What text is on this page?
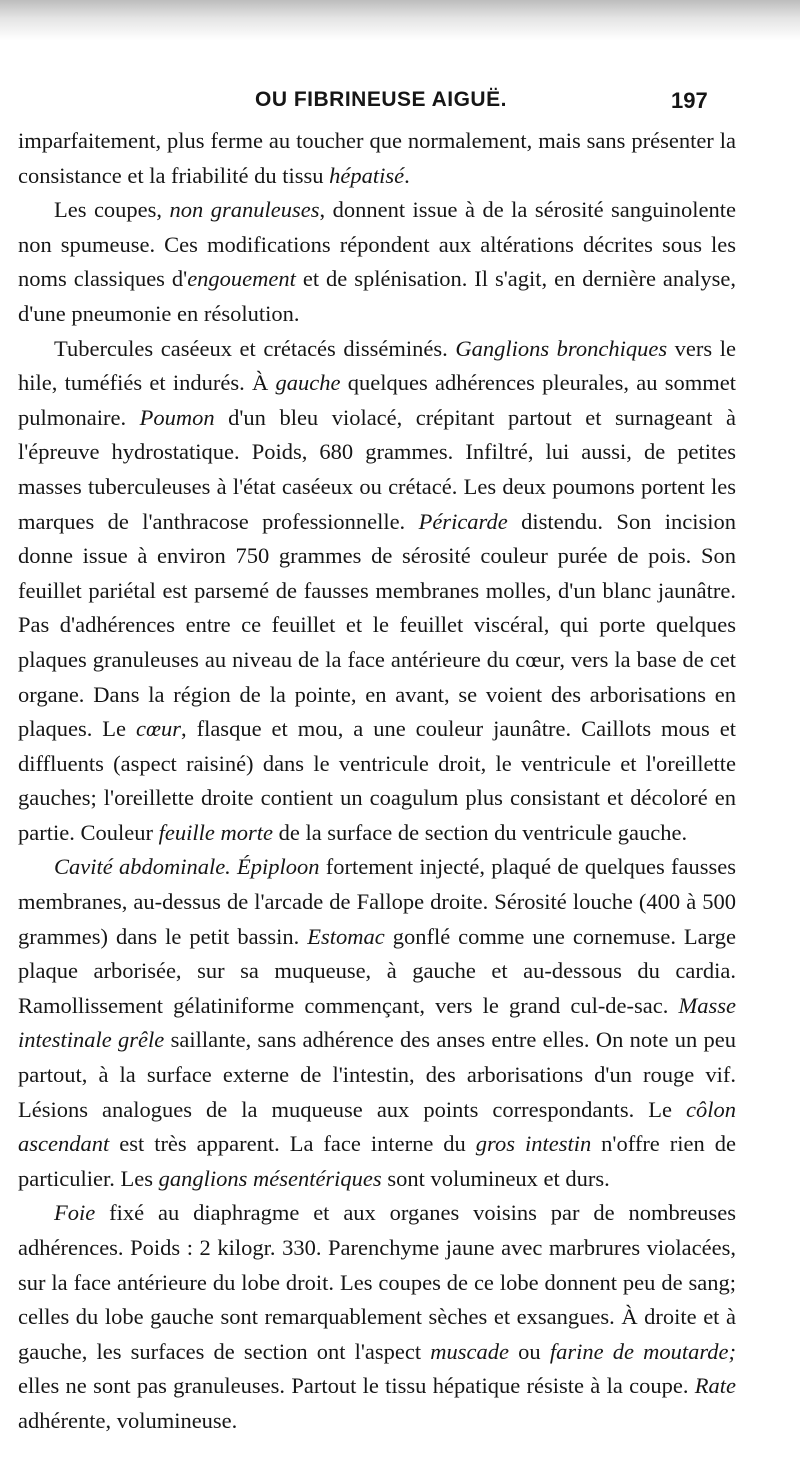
OU FIBRINEUSE AIGUË.	197

imparfaitement, plus ferme au toucher que normalement, mais sans présenter la consistance et la friabilité du tissu hépatisé.

Les coupes, non granuleuses, donnent issue à de la sérosité sanguinolente non spumeuse. Ces modifications répondent aux altérations décrites sous les noms classiques d'engouement et de splénisation. Il s'agit, en dernière analyse, d'une pneumonie en résolution.

Tubercules caséeux et crétacés disséminés. Ganglions bronchiques vers le hile, tuméfiés et indurés. À gauche quelques adhérences pleurales, au sommet pulmonaire. Poumon d'un bleu violacé, crépitant partout et surnageant à l'épreuve hydrostatique. Poids, 680 grammes. Infiltré, lui aussi, de petites masses tuberculeuses à l'état caséeux ou crétacé. Les deux poumons portent les marques de l'anthracose professionnelle. Péricarde distendu. Son incision donne issue à environ 750 grammes de sérosité couleur purée de pois. Son feuillet pariétal est parsemé de fausses membranes molles, d'un blanc jaunâtre. Pas d'adhérences entre ce feuillet et le feuillet viscéral, qui porte quelques plaques granuleuses au niveau de la face antérieure du cœur, vers la base de cet organe. Dans la région de la pointe, en avant, se voient des arborisations en plaques. Le cœur, flasque et mou, a une couleur jaunâtre. Caillots mous et diffluents (aspect raisiné) dans le ventricule droit, le ventricule et l'oreillette gauches; l'oreillette droite contient un coagulum plus consistant et décoloré en partie. Couleur feuille morte de la surface de section du ventricule gauche.

Cavité abdominale. Épiploon fortement injecté, plaqué de quelques fausses membranes, au-dessus de l'arcade de Fallope droite. Sérosité louche (400 à 500 grammes) dans le petit bassin. Estomac gonflé comme une cornemuse. Large plaque arborisée, sur sa muqueuse, à gauche et au-dessous du cardia. Ramollissement gélatiniforme commençant, vers le grand cul-de-sac. Masse intestinale grêle saillante, sans adhérence des anses entre elles. On note un peu partout, à la surface externe de l'intestin, des arborisations d'un rouge vif. Lésions analogues de la muqueuse aux points correspondants. Le côlon ascendant est très apparent. La face interne du gros intestin n'offre rien de particulier. Les ganglions mésentériques sont volumineux et durs.

Foie fixé au diaphragme et aux organes voisins par de nombreuses adhérences. Poids : 2 kilogr. 330. Parenchyme jaune avec marbrures violacées, sur la face antérieure du lobe droit. Les coupes de ce lobe donnent peu de sang; celles du lobe gauche sont remarquablement sèches et exsangues. À droite et à gauche, les surfaces de section ont l'aspect muscade ou farine de moutarde; elles ne sont pas granuleuses. Partout le tissu hépatique résiste à la coupe. Rate adhérente, volumineuse.
